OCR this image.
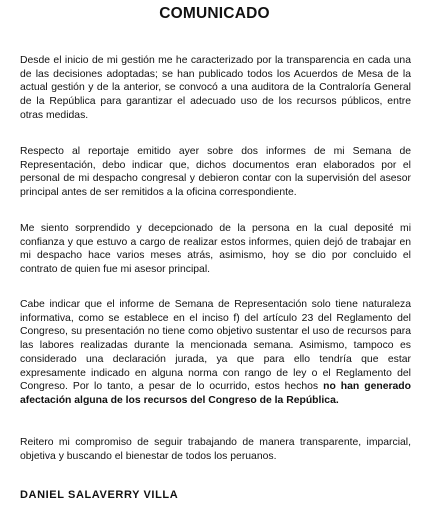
COMUNICADO

Desde el inicio de mi gestión me he caracterizado por la transparencia en cada una de las decisiones adoptadas; se han publicado todos los Acuerdos de Mesa de la actual gestión y de la anterior, se convocó a una auditora de la Contraloría General de la República para garantizar el adecuado uso de los recursos públicos, entre otras medidas.

Respecto al reportaje emitido ayer sobre dos informes de mi Semana de Representación, debo indicar que, dichos documentos eran elaborados por el personal de mi despacho congresal y debieron contar con la supervisión del asesor principal antes de ser remitidos a la oficina correspondiente.

Me siento sorprendido y decepcionado de la persona en la cual deposité mi confianza y que estuvo a cargo de realizar estos informes, quien dejó de trabajar en mi despacho hace varios meses atrás, asimismo, hoy se dio por concluido el contrato de quien fue mi asesor principal.

Cabe indicar que el informe de Semana de Representación solo tiene naturaleza informativa, como se establece en el inciso f) del artículo 23 del Reglamento del Congreso, su presentación no tiene como objetivo sustentar el uso de recursos para las labores realizadas durante la mencionada semana. Asimismo, tampoco es considerado una declaración jurada, ya que para ello tendría que estar expresamente indicado en alguna norma con rango de ley o el Reglamento del Congreso. Por lo tanto, a pesar de lo ocurrido, estos hechos no han generado afectación alguna de los recursos del Congreso de la República.

Reitero mi compromiso de seguir trabajando de manera transparente, imparcial, objetiva y buscando el bienestar de todos los peruanos.

DANIEL SALAVERRY VILLA
